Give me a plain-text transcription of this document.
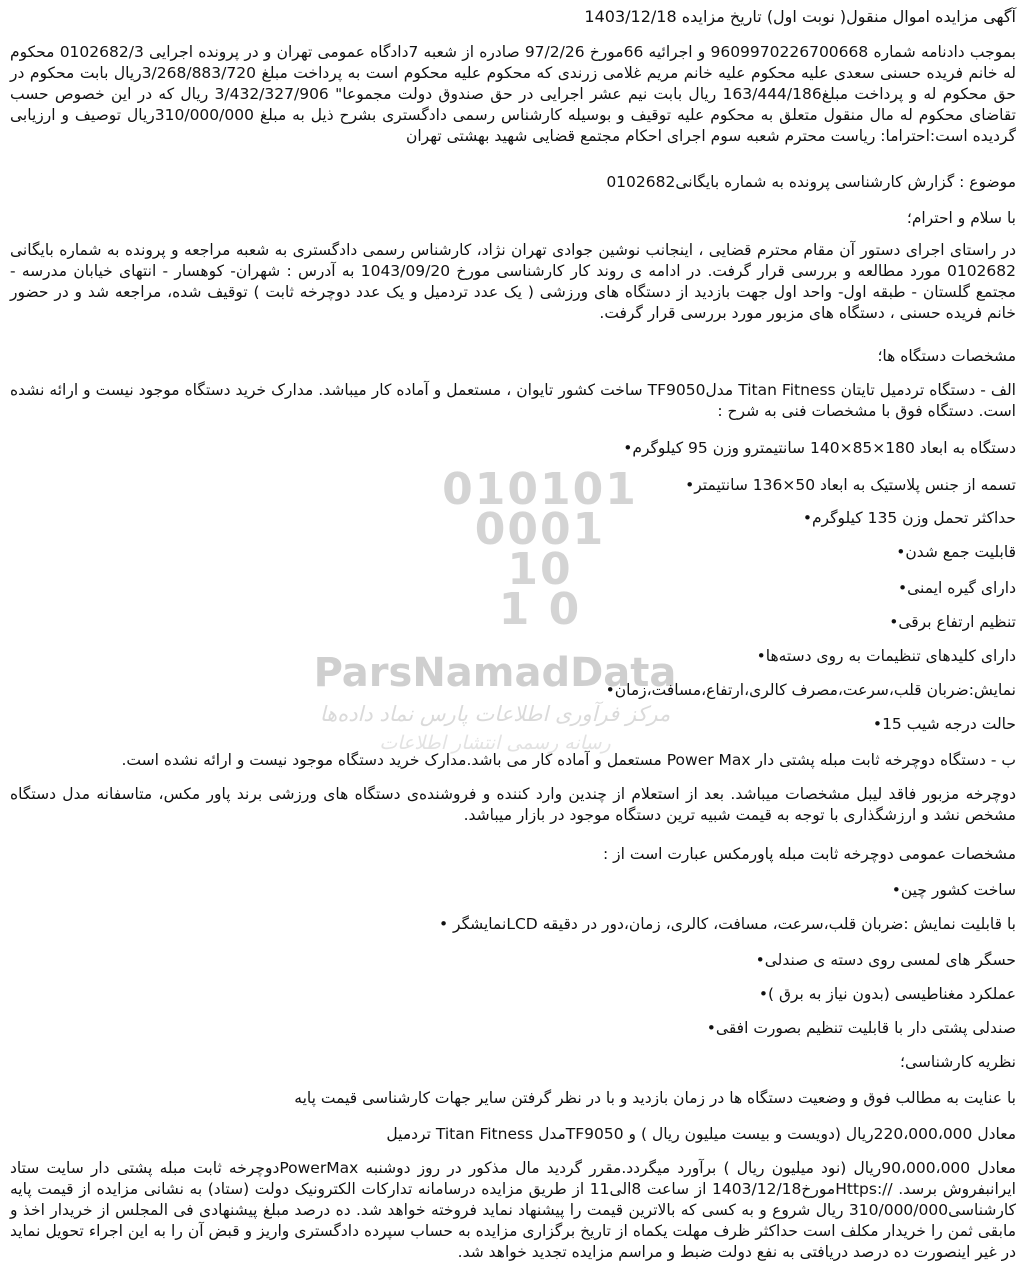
010101
0001
10
1 0
ParsNamadData
مرکز فرآوری اطلاعات پارس نماد داده‌ها
رسانه رسمی انتشار اطلاعات

آگهی مزایده اموال منقول( نوبت اول) تاریخ مزایده 1403/12/18

بموجب دادنامه شماره 9609970226700668 و اجرائیه 66مورخ 97/2/26 صادره از شعبه 7دادگاه عمومی تهران و در پرونده اجرایی 0102682/3 محکوم له خانم فریده حسنی سعدی علیه محکوم علیه خانم مریم غلامی زرندی که محکوم علیه محکوم است به پرداخت مبلغ 3/268/883/720ریال بابت محکوم در حق محکوم له و پرداخت مبلغ163/444/186 ریال بابت نیم عشر اجرایی در حق صندوق دولت مجموعا" 3/432/327/906 ریال که در این خصوص حسب تقاضای محکوم له مال منقول متعلق به محکوم علیه توقیف و بوسیله کارشناس رسمی دادگستری بشرح ذیل به مبلغ 310/000/000ریال توصیف و ارزیابی گردیده است:احتراما: ریاست محترم شعبه سوم اجرای احکام مجتمع قضایی شهید بهشتی تهران

موضوع : گزارش کارشناسی پرونده به شماره بایگانی0102682

با سلام و احترام؛

در راستای اجرای دستور آن مقام محترم قضایی ، اینجانب نوشین جوادی تهران نژاد، کارشناس رسمی دادگستری به شعبه مراجعه و پرونده به شماره بایگانی 0102682 مورد مطالعه و بررسی قرار گرفت. در ادامه ی روند کار کارشناسی مورخ 1043/09/20 به آدرس : شهران- کوهسار - انتهای خیابان مدرسه - مجتمع گلستان - طبقه اول- واحد اول جهت بازدید از دستگاه های ورزشی ( یک عدد تردمیل و یک عدد دوچرخه ثابت ) توقیف شده، مراجعه شد و در حضور خانم فریده حسنی ، دستگاه های مزبور مورد بررسی قرار گرفت.

مشخصات دستگاه ها؛

الف - دستگاه تردمیل تایتان Titan Fitness مدلTF9050 ساخت کشور تایوان ، مستعمل و آماده کار میباشد. مدارک خرید دستگاه موجود نیست و ارائه نشده است. دستگاه فوق با مشخصات فنی به شرح :

دستگاه به ابعاد 180×85×140 سانتیمترو وزن 95 کیلوگرم•

تسمه از جنس پلاستیک به ابعاد 50×136 سانتیمتر•

حداکثر تحمل وزن 135 کیلوگرم•

قابلیت جمع شدن•

دارای گیره ایمنی•

تنظیم ارتفاع برقی•

دارای کلیدهای تنظیمات به روی دسته‌ها•

نمایش:ضربان قلب،سرعت،مصرف کالری،ارتفاع،مسافت،زمان•

حالت درجه شیب 15•

ب - دستگاه دوچرخه ثابت مبله پشتی دار Power Max مستعمل و آماده کار می باشد.مدارک خرید دستگاه موجود نیست و ارائه نشده است.

دوچرخه مزبور فاقد لیبل مشخصات میباشد. بعد از استعلام از چندین وارد کننده و فروشنده‌ی دستگاه های ورزشی برند پاور مکس، متاسفانه مدل دستگاه مشخص نشد و ارزشگذاری با توجه به قیمت شبیه ترین دستگاه موجود در بازار میباشد.

مشخصات عمومی دوچرخه ثابت مبله پاورمکس عبارت است از :

ساخت کشور چین•

با قابلیت نمایش :ضربان قلب،سرعت، مسافت، کالری، زمان،دور در دقیقه LCDنمایشگر •

حسگر های لمسی روی دسته ی صندلی•

عملکرد مغناطیسی (بدون نیاز به برق )•

صندلی پشتی دار با قابلیت تنظیم بصورت افقی•

نظریه کارشناسی؛

با عنایت به مطالب فوق و وضعیت دستگاه ها در زمان بازدید و با در نظر گرفتن سایر جهات کارشناسی قیمت پایه

معادل 220،000،000ریال (دویست و بیست میلیون ریال ) و TF9050مدل Titan Fitness تردمیل

معادل 90،000،000ریال (نود میلیون ریال ) برآورد میگردد.مقرر گردید مال مذکور در روز دوشنبه PowerMaxدوچرخه ثابت مبله پشتی دار سایت ستاد ایرانبفروش برسد. //:Httpsمورخ1403/12/18 از ساعت 8الی11 از طریق مزایده درسامانه تدارکات الکترونیک دولت (ستاد) به نشانی مزایده از قیمت پایه کارشناسی310/000/000 ریال شروع و به کسی که بالاترین قیمت را پیشنهاد نماید فروخته خواهد شد. ده درصد مبلغ پیشنهادی فی المجلس از خریدار اخذ و مابقی ثمن را خریدار مکلف است حداکثر ظرف مهلت یکماه از تاریخ برگزاری مزایده به حساب سپرده دادگستری واریز و قبض آن را به این اجراء تحویل نماید در غیر اینصورت ده درصد دریافتی به نفع دولت ضبط و مراسم مزایده تجدید خواهد شد.
